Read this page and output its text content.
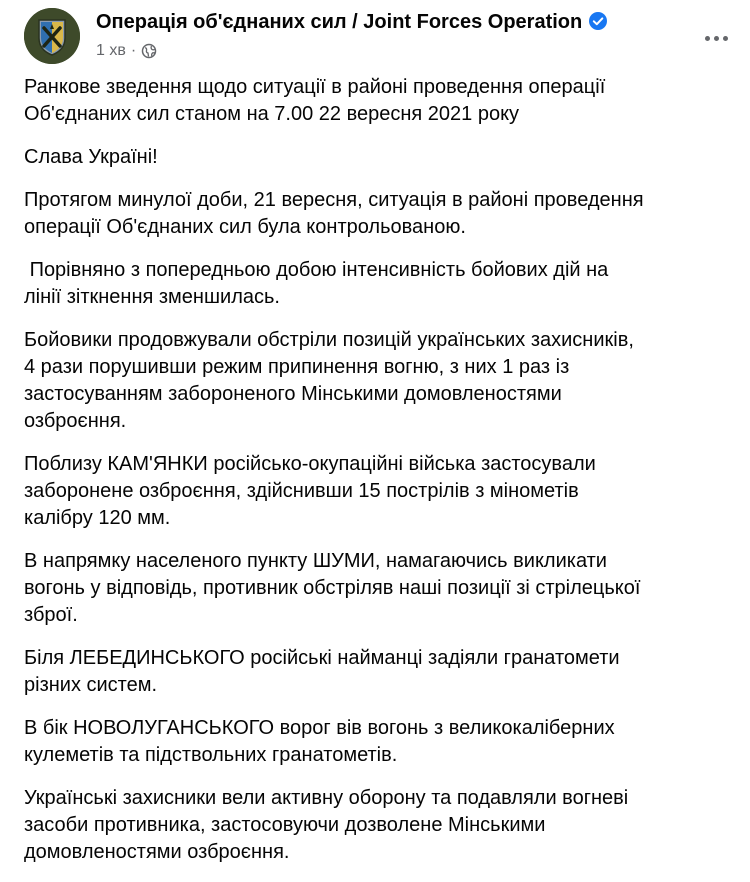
Операція об'єднаних сил / Joint Forces Operation
1 хв ·

Ранкове зведення щодо ситуації в районі проведення операції
Об'єднаних сил станом на 7.00 22 вересня 2021 року

Слава Україні!

Протягом минулої доби, 21 вересня, ситуація в районі проведення
операції Об'єднаних сил була контрольованою.

Порівняно з попередньою добою інтенсивність бойових дій на
лінії зіткнення зменшилась.

Бойовики продовжували обстріли позицій українських захисників,
4 рази порушивши режим припинення вогню, з них 1 раз із
застосуванням забороненого Мінськими домовленостями
озброєння.

Поблизу КАМ'ЯНКИ російсько-окупаційні війська застосували
заборонене озброєння, здійснивши 15 пострілів з мінометів
калібру 120 мм.

В напрямку населеного пункту ШУМИ, намагаючись викликати
вогонь у відповідь, противник обстріляв наші позиції зі стрілецької
зброї.

Біля ЛЕБЕДИНСЬКОГО російські найманці задіяли гранатомети
різних систем.

В бік НОВОЛУГАНСЬКОГО ворог вів вогонь з великокаліберних
кулеметів та підствольних гранатометів.

Українські захисники вели активну оборону та подавляли вогневі
засоби противника, застосовуючи дозволене Мінськими
домовленостями озброєння.
